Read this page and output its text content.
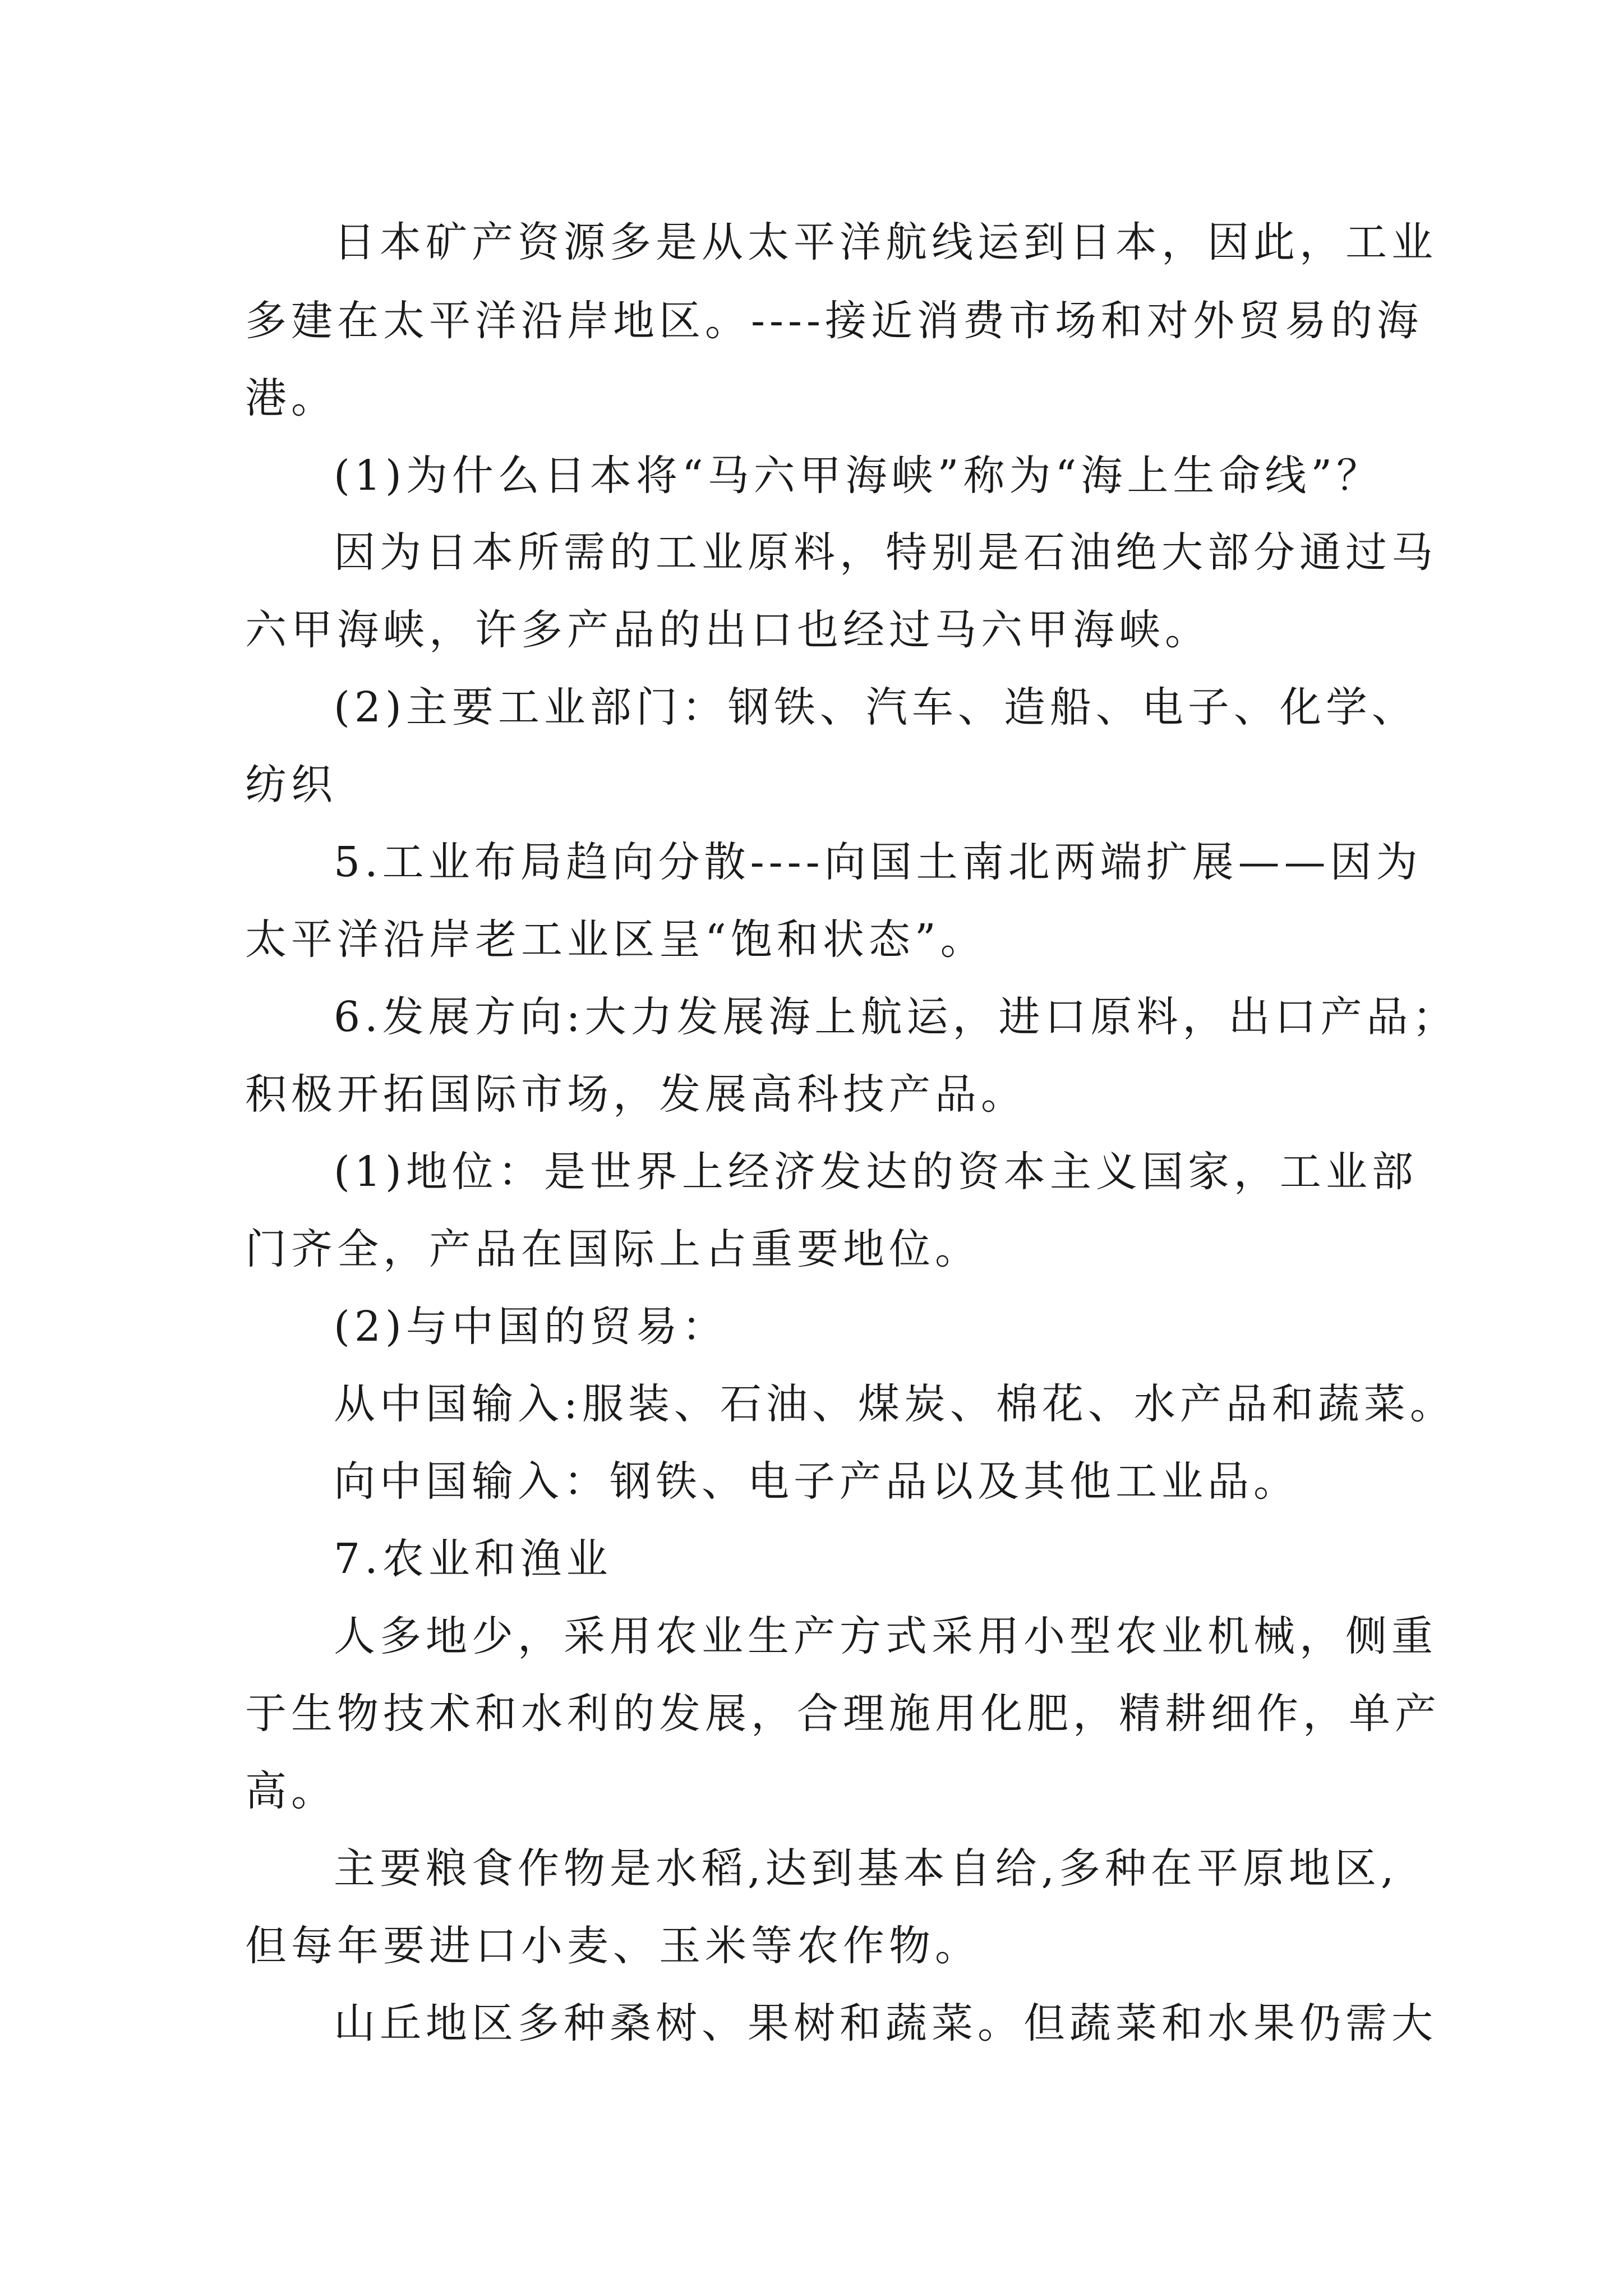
日本矿产资源多是从太平洋航线运到日本，因此，工业
多建在太平洋沿岸地区。----接近消费市场和对外贸易的海
港。
(1)为什么日本将“马六甲海峡”称为“海上生命线”？
因为日本所需的工业原料，特别是石油绝大部分通过马
六甲海峡，许多产品的出口也经过马六甲海峡。
(2)主要工业部门：钢铁、汽车、造船、电子、化学、
纺织
5.工业布局趋向分散----向国土南北两端扩展——因为
太平洋沿岸老工业区呈“饱和状态”。
6.发展方向:大力发展海上航运，进口原料，出口产品；
积极开拓国际市场，发展高科技产品。
(1)地位：是世界上经济发达的资本主义国家，工业部
门齐全，产品在国际上占重要地位。
(2)与中国的贸易：
从中国输入:服装、石油、煤炭、棉花、水产品和蔬菜。
向中国输入：钢铁、电子产品以及其他工业品。
7.农业和渔业
人多地少，采用农业生产方式采用小型农业机械，侧重
于生物技术和水利的发展，合理施用化肥，精耕细作，单产
高。
主要粮食作物是水稻,达到基本自给,多种在平原地区,
但每年要进口小麦、玉米等农作物。
山丘地区多种桑树、果树和蔬菜。但蔬菜和水果仍需大
